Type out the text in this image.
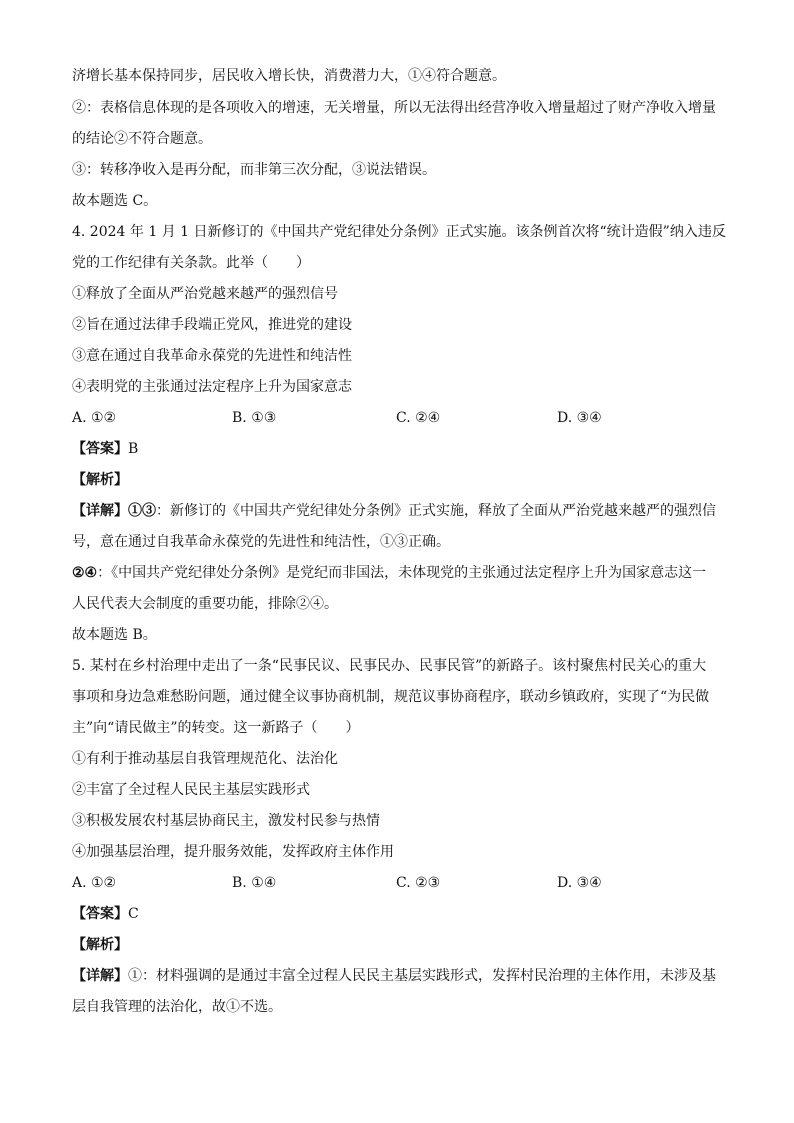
济增长基本保持同步，居民收入增长快，消费潜力大，①④符合题意。
②：表格信息体现的是各项收入的增速，无关增量，所以无法得出经营净收入增量超过了财产净收入增量
的结论②不符合题意。
③：转移净收入是再分配，而非第三次分配，③说法错误。
故本题选 C。
4. 2024 年 1 月 1 日新修订的《中国共产党纪律处分条例》正式实施。该条例首次将“统计造假”纳入违反
党的工作纪律有关条款。此举（　　）
①释放了全面从严治党越来越严的强烈信号
②旨在通过法律手段端正党风，推进党的建设
③意在通过自我革命永葆党的先进性和纯洁性
④表明党的主张通过法定程序上升为国家意志
A. ①②	B. ①③	C. ②④	D. ③④
【答案】B
【解析】
【详解】①③：新修订的《中国共产党纪律处分条例》正式实施，释放了全面从严治党越来越严的强烈信
号，意在通过自我革命永葆党的先进性和纯洁性，①③正确。
②④：《中国共产党纪律处分条例》是党纪而非国法，未体现党的主张通过法定程序上升为国家意志这一
人民代表大会制度的重要功能，排除②④。
故本题选 B。
5. 某村在乡村治理中走出了一条“民事民议、民事民办、民事民管”的新路子。该村聚焦村民关心的重大
事项和身边急难愁盼问题，通过健全议事协商机制，规范议事协商程序，联动乡镇政府，实现了“为民做
主”向“请民做主”的转变。这一新路子（　　）
①有利于推动基层自我管理规范化、法治化
②丰富了全过程人民民主基层实践形式
③积极发展农村基层协商民主，激发村民参与热情
④加强基层治理，提升服务效能，发挥政府主体作用
A. ①②	B. ①④	C. ②③	D. ③④
【答案】C
【解析】
【详解】①：材料强调的是通过丰富全过程人民民主基层实践形式，发挥村民治理的主体作用，未涉及基
层自我管理的法治化，故①不选。
